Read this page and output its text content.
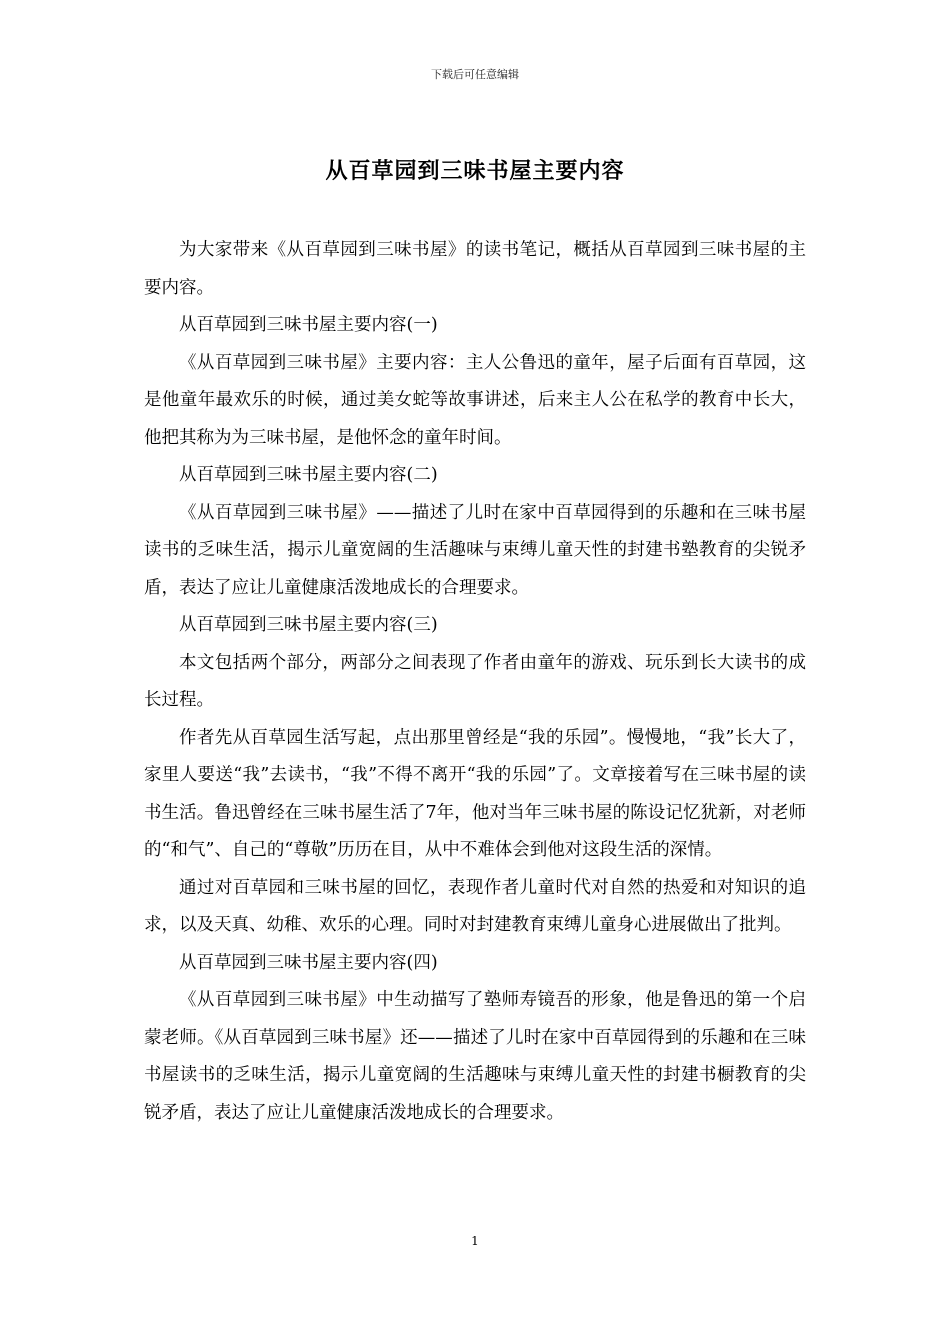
下载后可任意编辑
从百草园到三味书屋主要内容

为大家带来《从百草园到三味书屋》的读书笔记，概括从百草园到三味书屋的主要内容。

从百草园到三味书屋主要内容(一)

《从百草园到三味书屋》主要内容：主人公鲁迅的童年，屋子后面有百草园，这是他童年最欢乐的时候，通过美女蛇等故事讲述，后来主人公在私学的教育中长大，他把其称为为三味书屋，是他怀念的童年时间。

从百草园到三味书屋主要内容(二)

《从百草园到三味书屋》——描述了儿时在家中百草园得到的乐趣和在三味书屋读书的乏味生活，揭示儿童宽阔的生活趣味与束缚儿童天性的封建书塾教育的尖锐矛盾，表达了应让儿童健康活泼地成长的合理要求。

从百草园到三味书屋主要内容(三)

本文包括两个部分，两部分之间表现了作者由童年的游戏、玩乐到长大读书的成长过程。

作者先从百草园生活写起，点出那里曾经是“我的乐园”。慢慢地，“我”长大了，家里人要送“我”去读书，“我”不得不离开“我的乐园”了。文章接着写在三味书屋的读书生活。鲁迅曾经在三味书屋生活了7年，他对当年三味书屋的陈设记忆犹新，对老师的“和气”、自己的“尊敬”历历在目，从中不难体会到他对这段生活的深情。

通过对百草园和三味书屋的回忆，表现作者儿童时代对自然的热爱和对知识的追求，以及天真、幼稚、欢乐的心理。同时对封建教育束缚儿童身心进展做出了批判。

从百草园到三味书屋主要内容(四)

《从百草园到三味书屋》中生动描写了塾师寿镜吾的形象，他是鲁迅的第一个启蒙老师。《从百草园到三味书屋》还——描述了儿时在家中百草园得到的乐趣和在三味书屋读书的乏味生活，揭示儿童宽阔的生活趣味与束缚儿童天性的封建书橱教育的尖锐矛盾，表达了应让儿童健康活泼地成长的合理要求。

1
